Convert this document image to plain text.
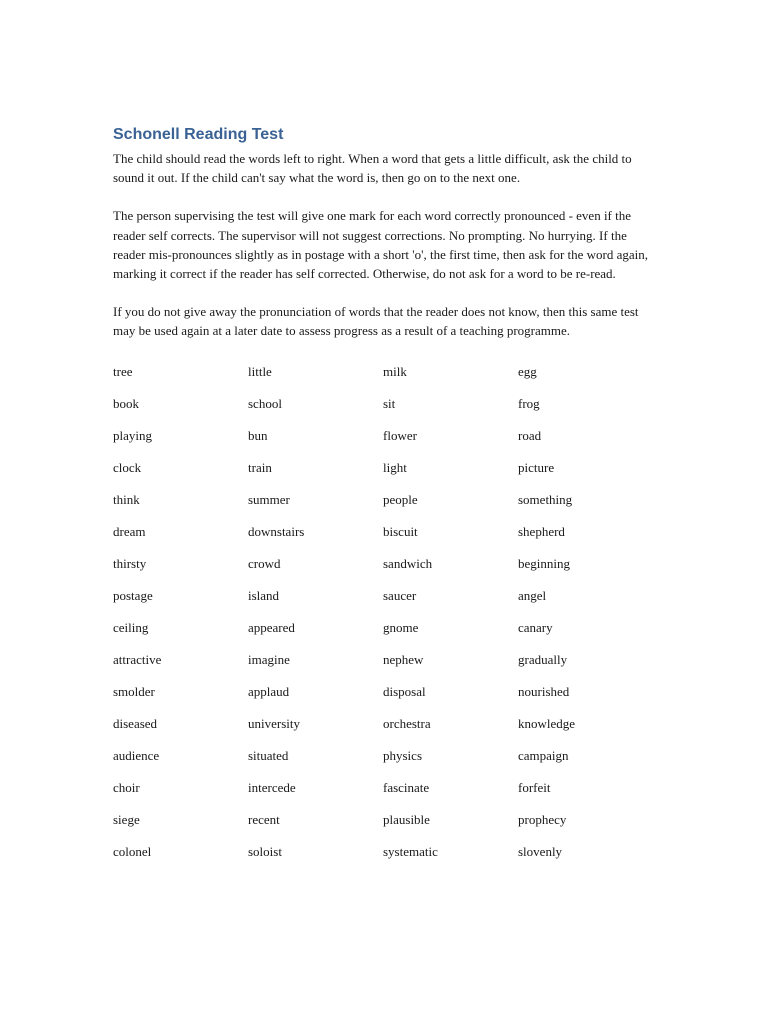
Schonell Reading Test

The child should read the words left to right. When a word that gets a little difficult, ask the child to sound it out. If the child can't say what the word is, then go on to the next one.

The person supervising the test will give one mark for each word correctly pronounced - even if the reader self corrects. The supervisor will not suggest corrections. No prompting. No hurrying. If the reader mis-pronounces slightly as in postage with a short 'o', the first time, then ask for the word again, marking it correct if the reader has self corrected. Otherwise, do not ask for a word to be re-read.

If you do not give away the pronunciation of words that the reader does not know, then this same test may be used again at a later date to assess progress as a result of a teaching programme.

tree	little	milk	egg
book	school	sit	frog
playing	bun	flower	road
clock	train	light	picture
think	summer	people	something
dream	downstairs	biscuit	shepherd
thirsty	crowd	sandwich	beginning
postage	island	saucer	angel
ceiling	appeared	gnome	canary
attractive	imagine	nephew	gradually
smolder	applaud	disposal	nourished
diseased	university	orchestra	knowledge
audience	situated	physics	campaign
choir	intercede	fascinate	forfeit
siege	recent	plausible	prophecy
colonel	soloist	systematic	slovenly
